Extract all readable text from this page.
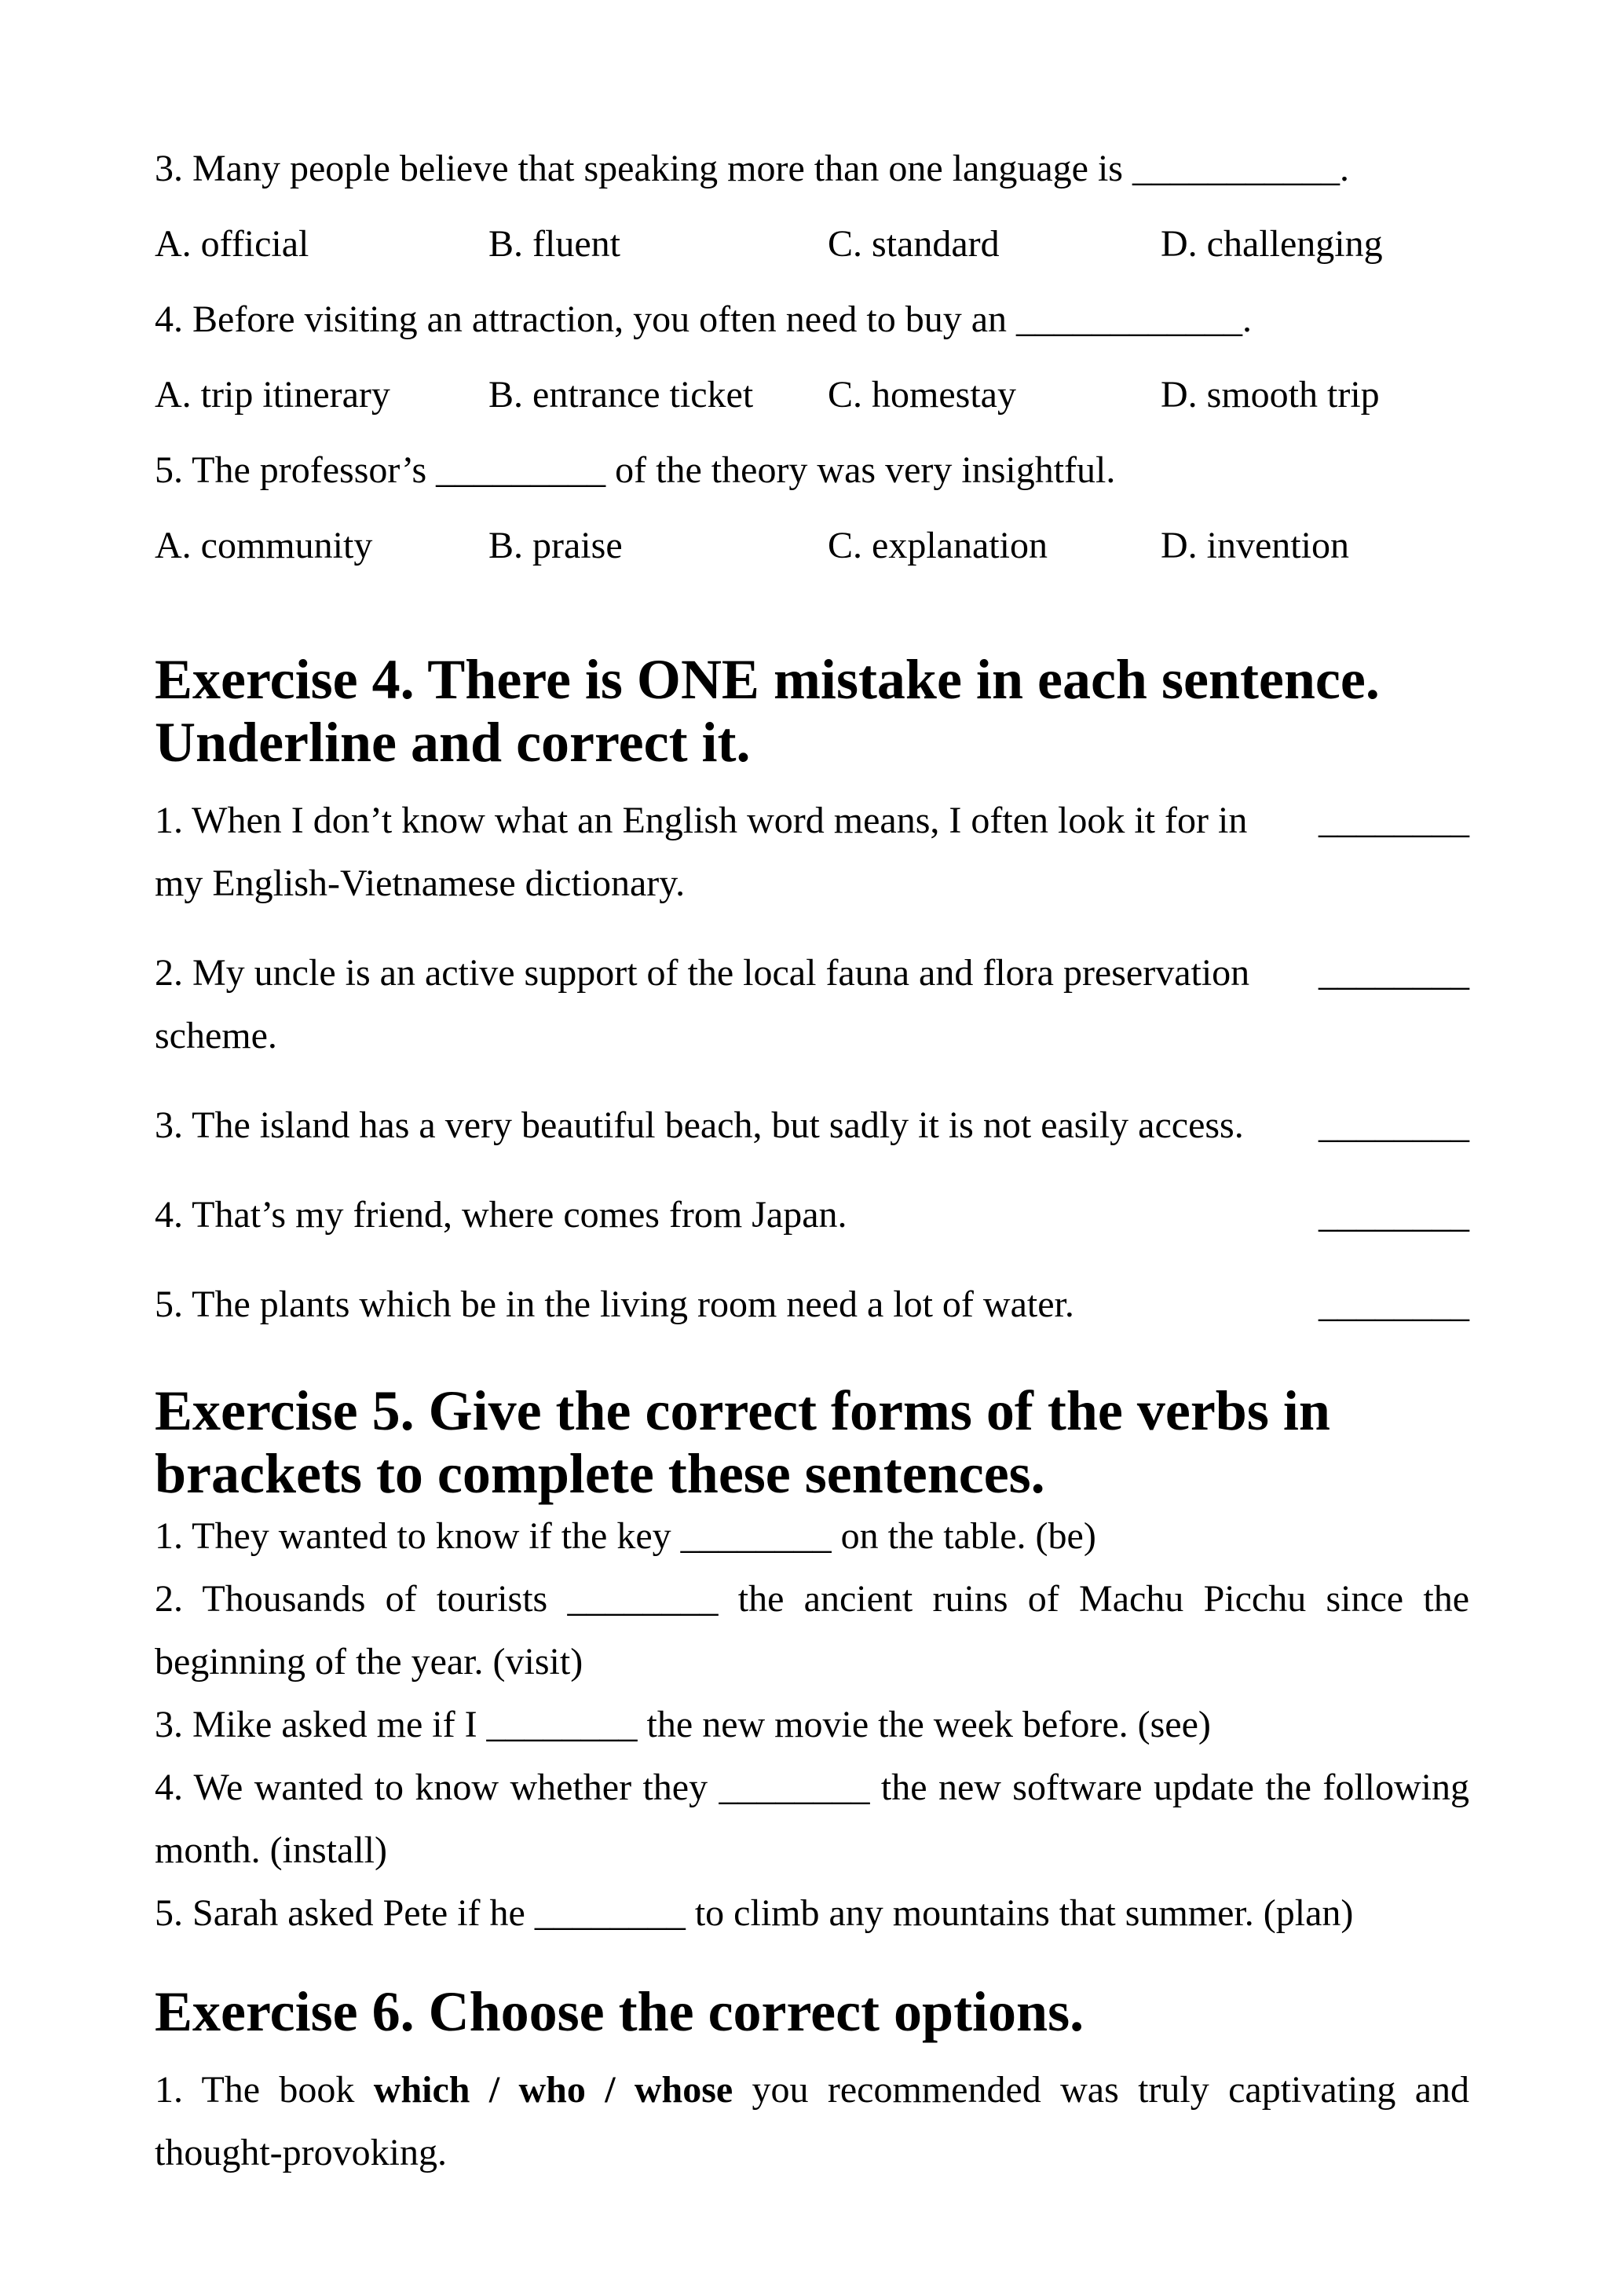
3. Many people believe that speaking more than one language is ___________.

A. official	B. fluent	C. standard	D. challenging

4. Before visiting an attraction, you often need to buy an ____________.

A. trip itinerary	B. entrance ticket	C. homestay	D. smooth trip

5. The professor’s _________ of the theory was very insightful.

A. community	B. praise	C. explanation	D. invention
Exercise 4. There is ONE mistake in each sentence. Underline and correct it.

1. When I don’t know what an English word means, I often look it for in my English-Vietnamese dictionary.

________

2. My uncle is an active support of the local fauna and flora preservation scheme.

________

3. The island has a very beautiful beach, but sadly it is not easily access.	________

4. That’s my friend, where comes from Japan.	________

5. The plants which be in the living room need a lot of water.	________
Exercise 5. Give the correct forms of the verbs in brackets to complete these sentences.

1. They wanted to know if the key ________ on the table. (be)

2. Thousands of tourists ________ the ancient ruins of Machu Picchu since the beginning of the year. (visit)

3. Mike asked me if I ________ the new movie the week before. (see)

4. We wanted to know whether they ________ the new software update the following month. (install)

5. Sarah asked Pete if he ________ to climb any mountains that summer. (plan)

Exercise 6. Choose the correct options.

1. The book which / who / whose you recommended was truly captivating and thought-provoking.
